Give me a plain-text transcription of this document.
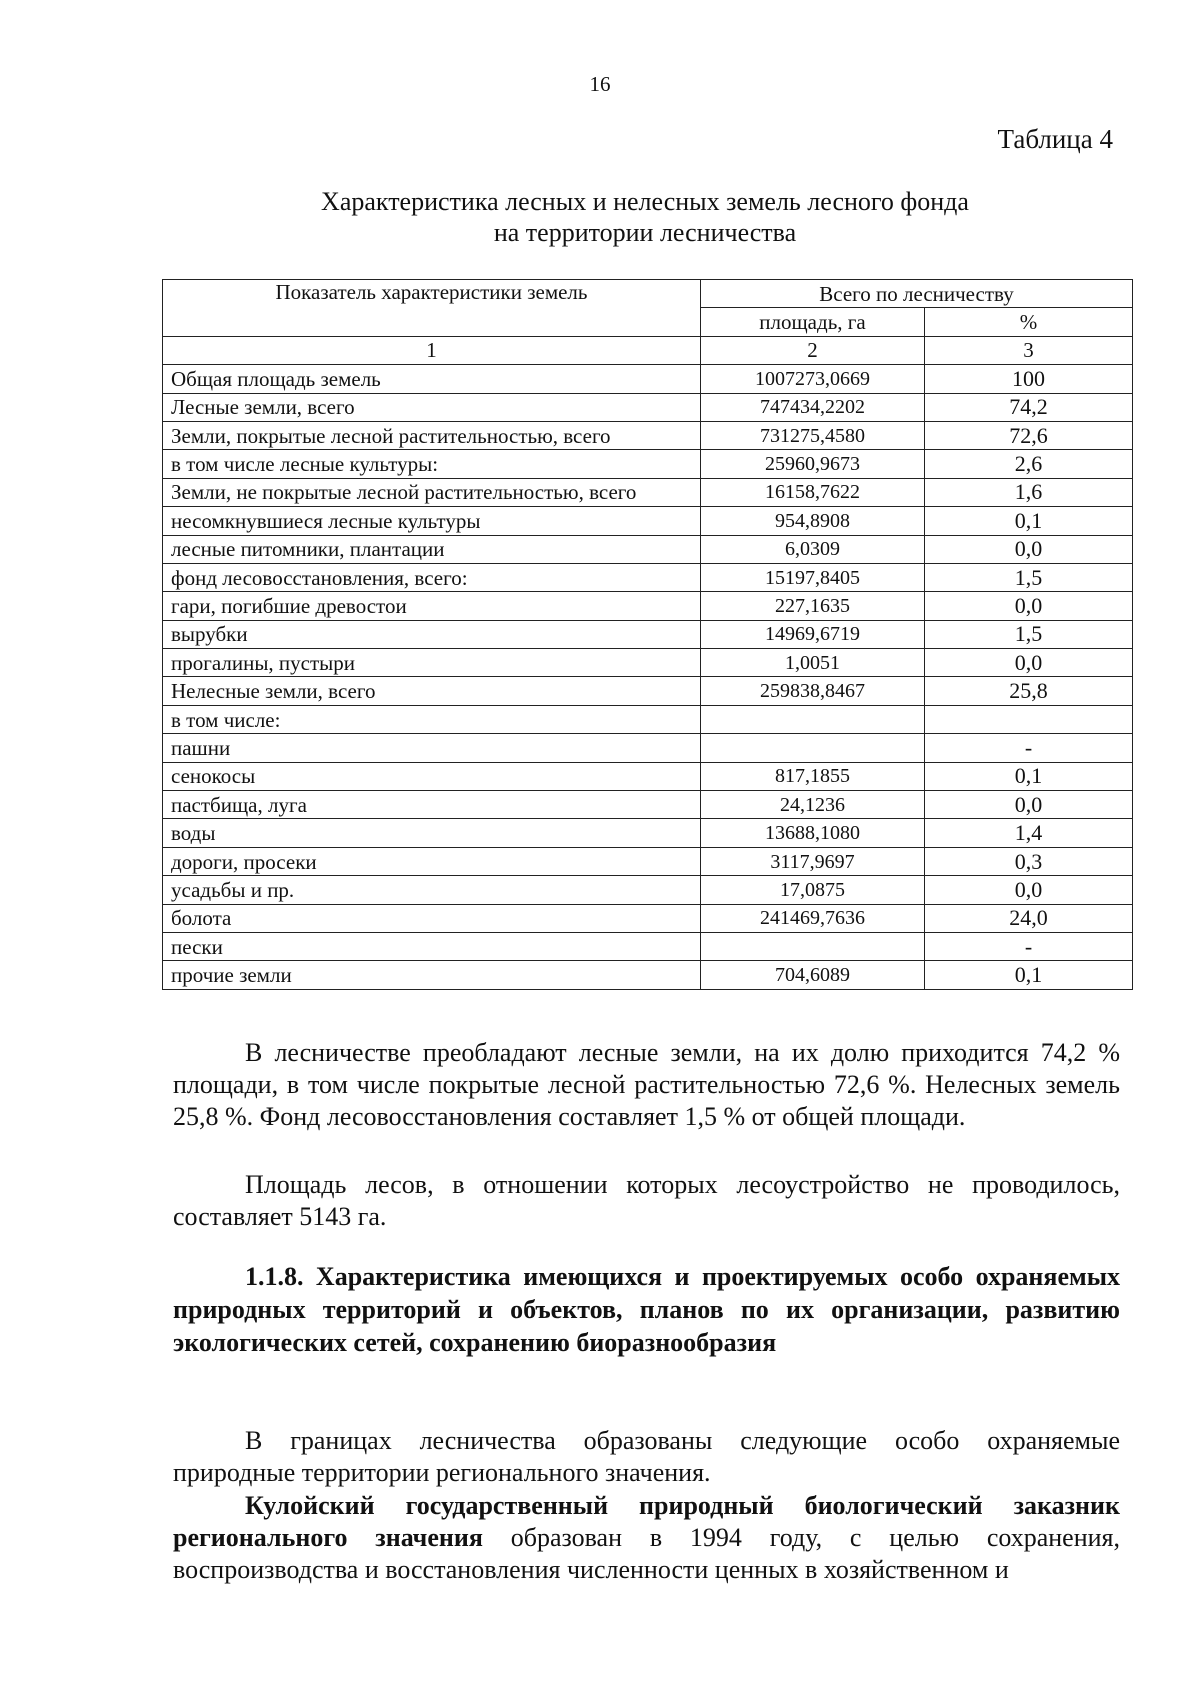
16
Таблица 4
Характеристика лесных и нелесных земель лесного фонда
на территории лесничества
Показатель характеристики земель	Всего по лесничеству	
	площадь, га	%
1	2	3
Общая площадь земель	1007273,0669	100
Лесные земли, всего	747434,2202	74,2
Земли, покрытые лесной растительностью, всего	731275,4580	72,6
в том числе лесные культуры:	25960,9673	2,6
Земли, не покрытые лесной растительностью, всего	16158,7622	1,6
несомкнувшиеся лесные культуры	954,8908	0,1
лесные питомники, плантации	6,0309	0,0
фонд лесовосстановления, всего:	15197,8405	1,5
гари, погибшие древостои	227,1635	0,0
вырубки	14969,6719	1,5
прогалины, пустыри	1,0051	0,0
Нелесные земли, всего	259838,8467	25,8
в том числе:		
пашни		-
сенокосы	817,1855	0,1
пастбища, луга	24,1236	0,0
воды	13688,1080	1,4
дороги, просеки	3117,9697	0,3
усадьбы и пр.	17,0875	0,0
болота	241469,7636	24,0
пески		-
прочие земли	704,6089	0,1

В лесничестве преобладают лесные земли, на их долю приходится 74,2 % площади, в том числе покрытые лесной растительностью 72,6 %. Нелесных земель 25,8 %. Фонд лесовосстановления составляет 1,5 % от общей площади.

Площадь лесов, в отношении которых лесоустройство не проводилось, составляет 5143 га.

1.1.8. Характеристика имеющихся и проектируемых особо охраняемых природных территорий и объектов, планов по их организации, развитию экологических сетей, сохранению биоразнообразия

В границах лесничества образованы следующие особо охраняемые природные территории регионального значения.

Кулойский государственный природный биологический заказник регионального значения образован в 1994 году, с целью сохранения, воспроизводства и восстановления численности ценных в хозяйственном и
